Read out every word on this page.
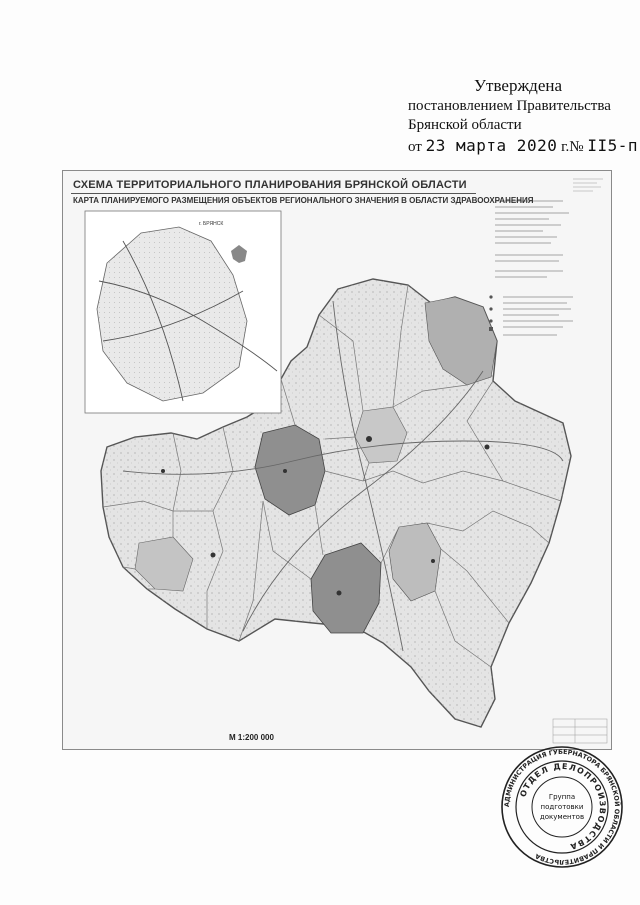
Утверждена
постановлением Правительства
Брянской области
от 23 марта 2020 г.№ II5-п
г. БРЯНСК
СХЕМА ТЕРРИТОРИАЛЬНОГО ПЛАНИРОВАНИЯ БРЯНСКОЙ ОБЛАСТИ
КАРТА ПЛАНИРУЕМОГО РАЗМЕЩЕНИЯ ОБЪЕКТОВ РЕГИОНАЛЬНОГО ЗНАЧЕНИЯ В ОБЛАСТИ ЗДРАВООХРАНЕНИЯ
М 1:200 000
АДМИНИСТРАЦИЯ ГУБЕРНАТОРА БРЯНСКОЙ ОБЛАСТИ И ПРАВИТЕЛЬСТВА
ОТДЕЛ ДЕЛОПРОИЗВОДСТВА
Группа
подготовки
документов
